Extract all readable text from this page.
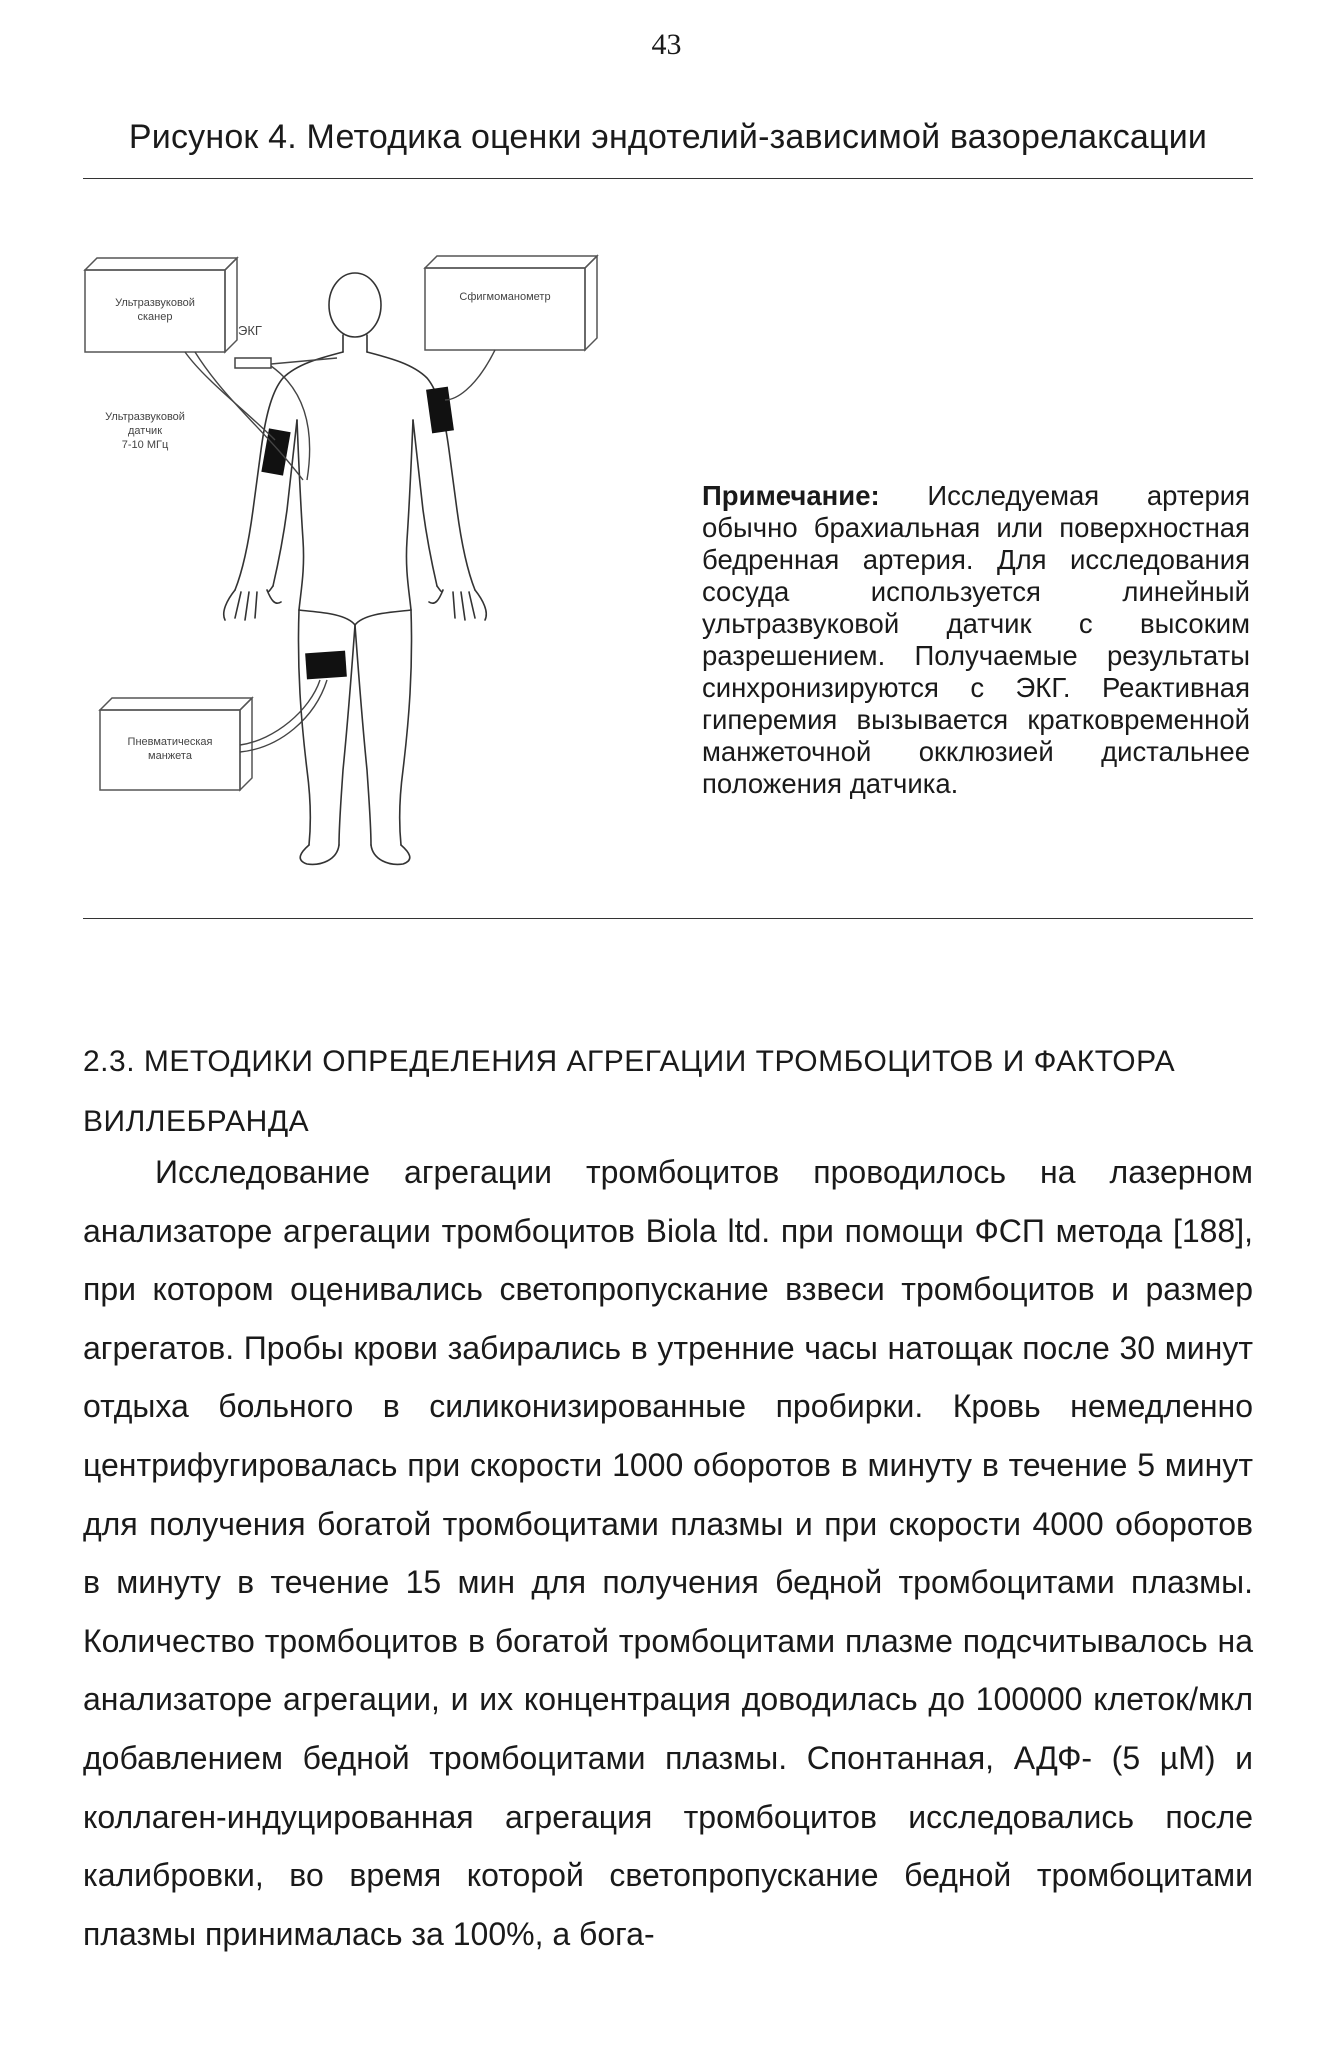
43
Рисунок 4. Методика оценки эндотелий-зависимой вазорелаксации
Ультразвуковой
сканер
ЭКГ
Сфигмоманометр
Ультразвуковой
датчик
7-10 МГц
Пневматическая
манжета
Примечание: Исследуемая артерия обычно брахиальная или поверхностная бедренная артерия. Для исследования сосуда используется линейный ультразвуковой датчик с высоким разрешением. Получаемые результаты синхронизируются с ЭКГ. Реактивная гиперемия вызывается кратковременной манжеточной окклюзией дистальнее положения датчика.
2.3. МЕТОДИКИ ОПРЕДЕЛЕНИЯ АГРЕГАЦИИ ТРОМБОЦИТОВ И ФАКТОРА ВИЛЛЕБРАНДА
Исследование агрегации тромбоцитов проводилось на лазерном анализаторе агрегации тромбоцитов Biola ltd. при помощи ФСП метода [188], при котором оценивались светопропускание взвеси тромбоцитов и размер агрегатов. Пробы крови забирались в утренние часы натощак после 30 минут отдыха больного в силиконизированные пробирки. Кровь немедленно центрифугировалась при скорости 1000 оборотов в минуту в течение 5 минут для получения богатой тромбоцитами плазмы и при скорости 4000 оборотов в минуту в течение 15 мин для получения бедной тромбоцитами плазмы. Количество тромбоцитов в богатой тромбоцитами плазме подсчитывалось на анализаторе агрегации, и их концентрация доводилась до 100000 клеток/мкл добавлением бедной тромбоцитами плазмы. Спонтанная, АДФ- (5 µМ) и коллаген-индуцированная агрегация тромбоцитов исследовались после калибровки, во время которой светопропускание бедной тромбоцитами плазмы принималась за 100%, а бога-
